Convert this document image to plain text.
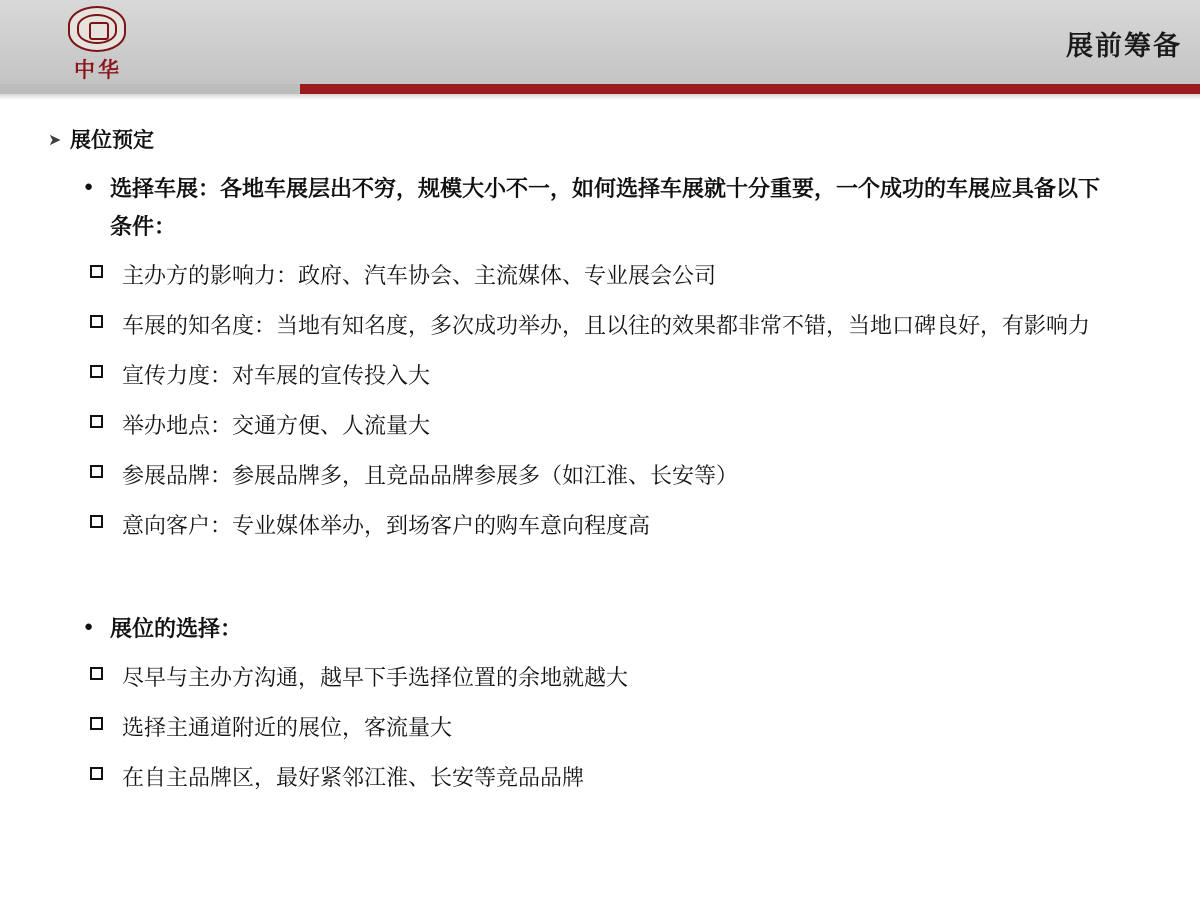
中华
展前筹备
➤ 展位预定
● 选择车展：各地车展层出不穷，规模大小不一，如何选择车展就十分重要，一个成功的车展应具备以下条件：
主办方的影响力：政府、汽车协会、主流媒体、专业展会公司
车展的知名度：当地有知名度，多次成功举办，且以往的效果都非常不错，当地口碑良好，有影响力
宣传力度：对车展的宣传投入大
举办地点：交通方便、人流量大
参展品牌：参展品牌多，且竞品品牌参展多（如江淮、长安等）
意向客户：专业媒体举办，到场客户的购车意向程度高
● 展位的选择：
尽早与主办方沟通，越早下手选择位置的余地就越大
选择主通道附近的展位，客流量大
在自主品牌区，最好紧邻江淮、长安等竞品品牌
